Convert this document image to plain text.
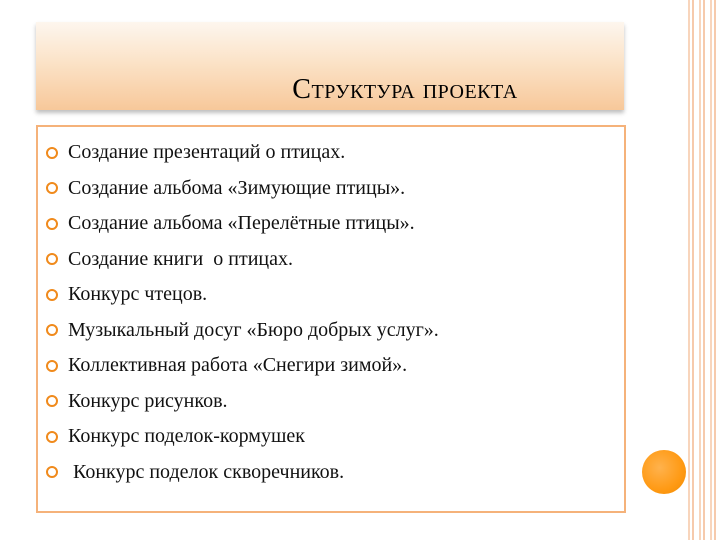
Структура проекта
Создание презентаций о птицах.
Создание альбома «Зимующие птицы».
Создание альбома «Перелётные птицы».
Создание книги  о птицах.
Конкурс чтецов.
Музыкальный досуг «Бюро добрых услуг».
Коллективная работа «Снегири зимой».
Конкурс рисунков.
Конкурс поделок-кормушек
Конкурс поделок скворечников.
